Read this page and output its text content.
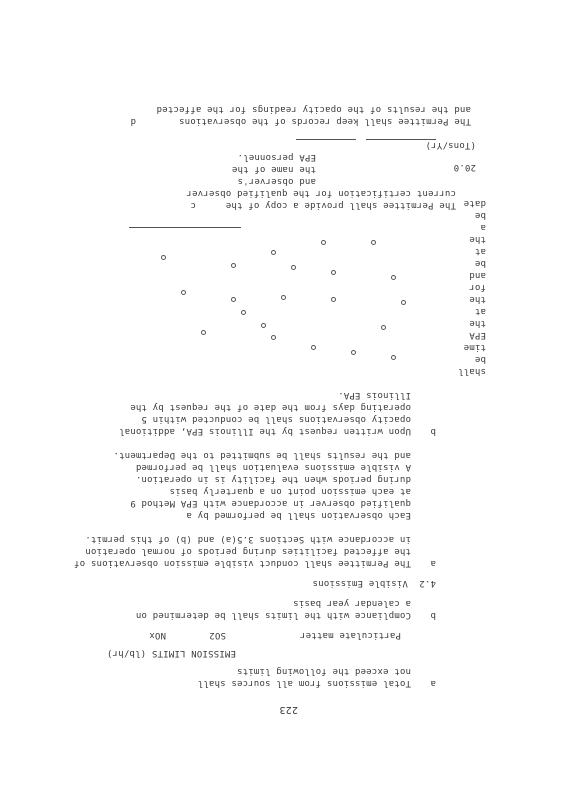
223
a
Total emissions from all sources shall
not exceed the following limits
EMISSION LIMITS (lb/hr)
Particulate matter
SO2
NOx
b
Compliance with the limits shall be determined on
a calendar year basis
4.2  Visible Emissions
a
The Permittee shall conduct visible emission observations of
the affected facilities during periods of normal operation
in accordance with Sections 3.5(a) and (b) of this permit.
Each observation shall be performed by a
qualified observer in accordance with EPA Method 9
at each emission point on a quarterly basis
during periods when the facility is in operation.
A visible emissions evaluation shall be performed
and the results shall be submitted to the Department.
b
Upon written request by the Illinois EPA, additional
opacity observations shall be conducted within 5
operating days from the date of the request by the
Illinois EPA.
shall
be
time
EPA
the
at
the
for
and
be
at
the
a
be
date
c	The Permittee shall provide a copy of the
current certification for the qualified observer
and observer's
the name of the
EPA personnel.
20.0
(Tons/Yr)
d	The Permittee shall keep records of the observations
and the results of the opacity readings for the affected
